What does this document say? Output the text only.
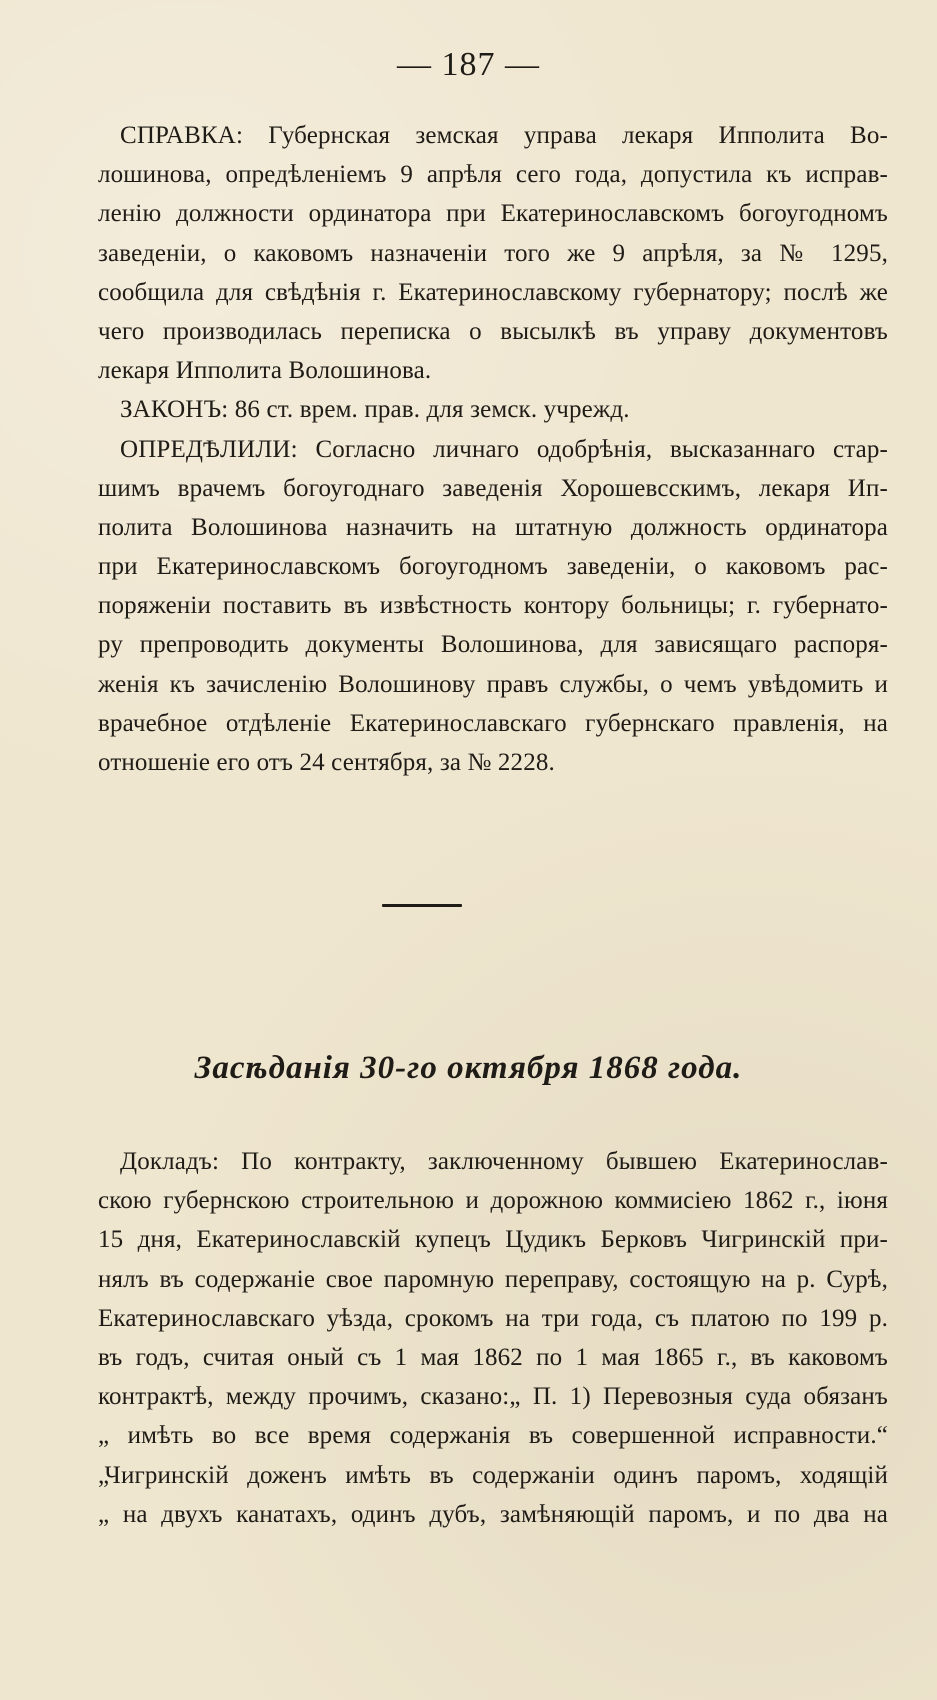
— 187 —
СПРАВКА: Губернская земская управа лекаря Ипполита Во-
лошинова, опредѣленіемъ 9 апрѣля сего года, допустила къ исправ-
ленію должности ординатора при Екатеринославскомъ богоугодномъ
заведеніи, о каковомъ назначеніи того же 9 апрѣля, за № 1295,
сообщила для свѣдѣнія г. Екатеринославскому губернатору; послѣ же
чего производилась переписка о высылкѣ въ управу документовъ
лекаря Ипполита Волошинова.
ЗАКОНЪ: 86 ст. врем. прав. для земск. учрежд.
ОПРЕДѢЛИЛИ: Согласно личнаго одобрѣнія, высказаннаго стар-
шимъ врачемъ богоугоднаго заведенія Хорошевсскимъ, лекаря Ип-
полита Волошинова назначить на штатную должность ординатора
при Екатеринославскомъ богоугодномъ заведеніи, о каковомъ рас-
поряженіи поставить въ извѣстность контору больницы; г. губернато-
ру препроводить документы Волошинова, для зависящаго распоря-
женія къ зачисленію Волошинову правъ службы, о чемъ увѣдомить и
врачебное отдѣленіе Екатеринославскаго губернскаго правленія, на
отношеніе его отъ 24 сентября, за № 2228.
Засѣданія 30-го октября 1868 года.
Докладъ: По контракту, заключенному бывшею Екатеринослав-
скою губернскою строительною и дорожною коммисіею 1862 г., іюня
15 дня, Екатеринославскій купецъ Цудикъ Берковъ Чигринскій при-
нялъ въ содержаніе свое паромную переправу, состоящую на р. Сурѣ,
Екатеринославскаго уѣзда, срокомъ на три года, съ платою по 199 р.
въ годъ, считая оный съ 1 мая 1862 по 1 мая 1865 г., въ каковомъ
контрактѣ, между прочимъ, сказано:„ П. 1) Перевозныя суда обязанъ
„ имѣть во все время содержанія въ совершенной исправности.“
„Чигринскій доженъ имѣть въ содержаніи одинъ паромъ, ходящій
„ на двухъ канатахъ, одинъ дубъ, замѣняющій паромъ, и по два на
